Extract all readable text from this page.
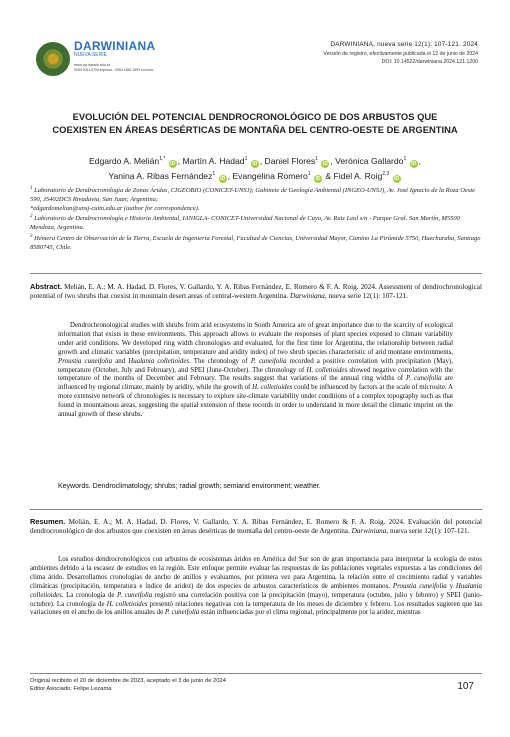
DARWINIANA
NUEVA SERIE
www.cyt.darwin.edu.ar
ISSN 0011-6793 impresa - ISSN 1850-1699 en línea
DARWINIANA, nueva serie 12(1): 107-121. 2024
Versión de registro, efectivamente publicada el 12 de junio de 2024
DOI: 10.14522/darwiniana.2024.121.1200
EVOLUCIÓN DEL POTENCIAL DENDROCRONOLÓGICO DE DOS ARBUSTOS QUE
COEXISTEN EN ÁREAS DESÉRTICAS DE MONTAÑA DEL CENTRO-OESTE DE ARGENTINA
Edgardo A. Melián$^{1,*}$ iD , Martín A. Hadad$^1$ iD , Daniel Flores$^1$ iD , Verónica Gallardo$^1$ iD ,
Yanina A. Ribas Fernández$^1$ iD , Evangelina Romero$^1$ iD & Fidel A. Roig$^{2,3}$ iD

$^1$ Laboratorio de Dendrocronología de Zonas Áridas, CIGEOBIO (CONICET-UNSJ); Gabinete de Geología Ambiental (INGEO-UNSJ), Av. José Ignacio de la Roza Oeste 590, J5402DCS Rivadavia, San Juan; Argentina;

*edgardomelian@unsj-cuim.edu.ar (author for correspondence).

$^2$ Laboratorio de Dendrocronología e Historia Ambiental, IANIGLA- CONICET-Universidad Nacional de Cuyo, Av. Ruiz Leal s/n - Parque Gral. San Martín, M5500 Mendoza, Argentina.

$^3$ Hémera Centro de Observación de la Tierra, Escuela de Ingeniería Forestal, Facultad de Ciencias, Universidad Mayor, Camino La Pirámide 5750, Huechuraba, Santiago 8580745, Chile.

Abstract. Melián, E. A.; M. A. Hadad, D. Flores, V. Gallardo, Y. A. Ribas Fernández, E. Romero & F. A. Roig. 2024. Assessment of dendrochronological potential of two shrubs that coexist in mountain desert areas of central-western Argentina. Darwiniana, nueva serie 12(1): 107-121.
Dendrochronological studies with shrubs from arid ecosystems in South America are of great importance due to the scarcity of ecological information that exists in these environments. This approach allows to evaluate the responses of plant species exposed to climate variability under arid conditions. We developed ring width chronologies and evaluated, for the first time for Argentina, the relationship between radial growth and climatic variables (precipitation, temperature and aridity index) of two shrub species characteristic of arid montane environments, Proustia cuneifolia and Hualania colletioides. The chronology of P. cuneifolia recorded a positive correlation with precipitation (May), temperature (October, July and February), and SPEI (June-October). The chronology of H. colletioides showed negative correlation with the temperature of the months of December and February. The results suggest that variations of the annual ring widths of P. cuneifolia are influenced by regional climate, mainly by aridity, while the growth of H. colletioides could be influenced by factors at the scale of microsite. A more extensive network of chronologies is necessary to explore site-climate variability under conditions of a complex topography such as that found in mountainous areas, suggesting the spatial extension of these records in order to understand in more detail the climatic imprint on the annual growth of these shrubs.
Keywords. Dendroclimatology; shrubs; radial growth; semiarid environment; weather.
Resumen. Melián, E. A.; M. A. Hadad, D. Flores, V. Gallardo, Y. A. Ribas Fernández, E. Romero & F. A. Roig. 2024. Evaluación del potencial dendrocronológico de dos arbustos que coexisten en áreas desérticas de montaña del centro-oeste de Argentina. Darwiniana, nueva serie 12(1): 107-121.
Los estudios dendrocronológicos con arbustos de ecosistemas áridos en América del Sur son de gran importancia para interpretar la ecología de estos ambientes debido a la escasez de estudios en la región. Este enfoque permite evaluar las respuestas de las poblaciones vegetales expuestas a las condiciones del clima árido. Desarrollamos cronologías de ancho de anillos y evaluamos, por primera vez para Argentina, la relación entre el crecimiento radial y variables climáticas (precipitación, temperatura e índice de aridez) de dos especies de arbustos característicos de ambientes montanos, Proustia cuneifolia y Hualania colletioides. La cronología de P. cuneifolia registró una correlación positiva con la precipitación (mayo), temperatura (octubre, julio y febrero) y SPEI (junio-octubre). La cronología de H. colletioides presentó relaciones negativas con la temperatura de los meses de diciembre y febrero. Los resultados sugieren que las variaciones en el ancho de los anillos anuales de P. cuneifolia están influenciadas por el clima regional, principalmente por la aridez, mientras
Original recibido el 20 de diciembre de 2023, aceptado el 3 de junio de 2024
Editor Asociado: Felipe Lezama	107
